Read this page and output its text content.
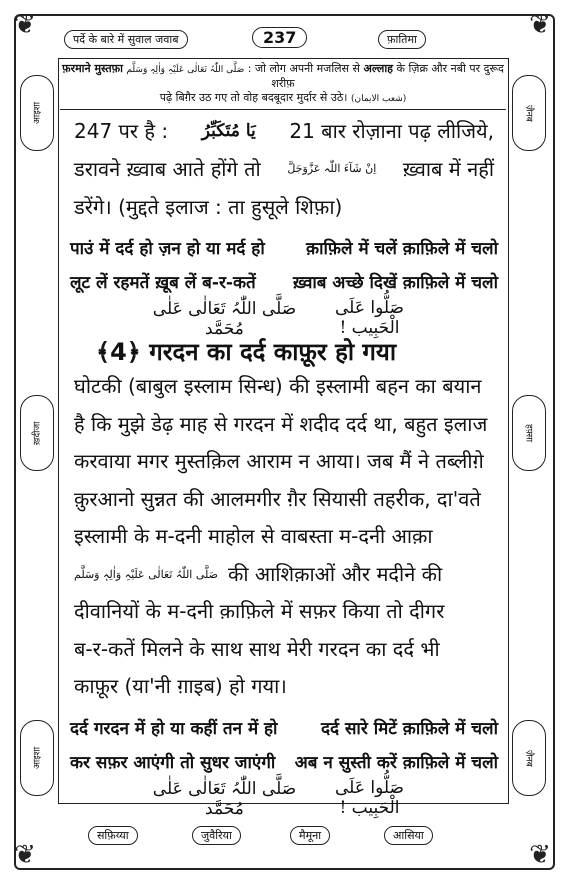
❦	❦
❦	❦
पर्दे के बारे में सुवाल जवाब	237	फ़ातिमा
आइशा
ख़दीजा
आइशा
ज़ैनब
हफ़्सा
ज़ैनब
फ़रमाने मुस्तफ़ा صَلَّی اللّٰہُ تَعَالٰی عَلَیْہِ وَاٰلِہٖ وَسَلَّم : जो लोग अपनी मजलिस से अल्लाह के ज़िक्र और नबी पर दुरूद शरीफ़
पढ़े बिग़ैर उठ गए तो वोह बदबूदार मुर्दार से उठे। (شعب الایمان)
247 पर है : یَا مُتَکَبِّرُ 21 बार रोज़ाना पढ़ लीजिये,
डरावने ख़्वाब आते होंगे तो اِنْ شَآءَ اللّٰہ عَزَّوَجَلَّ ख़्वाब में नहीं
डरेंगे। (मुद्दते इलाज : ता हुसूले शिफ़ा)
पाउं में दर्द हो ज़न हो या मर्द हो क़ाफ़िले में चलें क़ाफ़िले में चलो
लूट लें रहमतें ख़ूब लें ब-र-कतें ख़्वाब अच्छे दिखें क़ाफ़िले में चलो
صَلَّی اللّٰہُ تَعَالٰی عَلٰی مُحَمَّد
صَلُّوا عَلَی الْحَبِیب !
﴾4﴿ गरदन का दर्द काफ़ूर हो गया
घोटकी (बाबुल इस्लाम सिन्ध) की इस्लामी बहन का बयान
है कि मुझे डेढ़ माह से गरदन में शदीद दर्द था, बहुत इलाज
करवाया मगर मुस्तक़िल आराम न आया। जब मैं ने तब्लीग़े
क़ुरआनो सुन्नत की आलमगीर ग़ैर सियासी तहरीक, दा'वते
इस्लामी के म-दनी माहोल से वाबस्ता म-दनी आक़ा
صَلَّی اللّٰہُ تَعَالٰی عَلَیْہِ وَاٰلِہٖ وَسَلَّم की आशिक़ाओं और मदीने की
दीवानियों के म-दनी क़ाफ़िले में सफ़र किया तो दीगर
ब-र-कतें मिलने के साथ साथ मेरी गरदन का दर्द भी
काफ़ूर (या'नी ग़ाइब) हो गया।
दर्द गरदन में हो या कहीं तन में हो	दर्द सारे मिटें क़ाफ़िले में चलो
कर सफ़र आएंगी तो सुधर जाएंगी अब न सुस्ती करें क़ाफ़िले में चलो
صَلَّی اللّٰہُ تَعَالٰی عَلٰی مُحَمَّد
صَلُّوا عَلَی الْحَبِیب !
सफ़िय्या	जुवैरिया	मैमूना	आसिया
